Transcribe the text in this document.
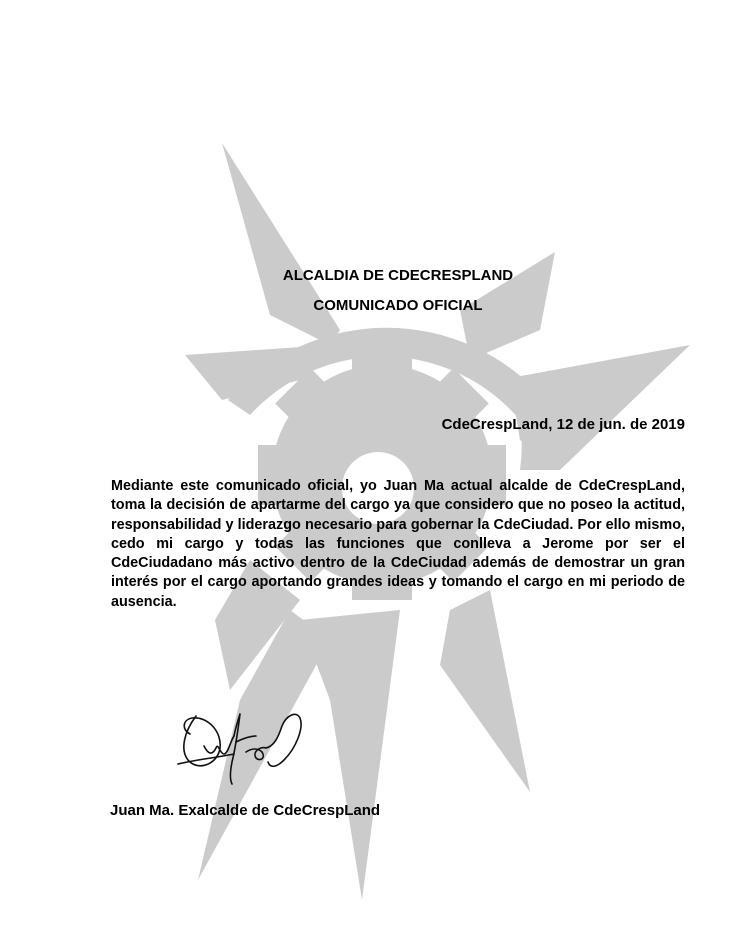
ALCALDIA DE CDECRESPLAND
COMUNICADO OFICIAL
CdeCrespLand, 12 de jun. de 2019

Mediante este comunicado oficial, yo Juan Ma actual alcalde de CdeCrespLand, toma la decisión de apartarme del cargo ya que considero que no poseo la actitud, responsabilidad y liderazgo necesario para gobernar la CdeCiudad. Por ello mismo, cedo mi cargo y todas las funciones que conlleva a Jerome por ser el CdeCiudadano más activo dentro de la CdeCiudad además de demostrar un gran interés por el cargo aportando grandes ideas y tomando el cargo en mi periodo de ausencia.

Juan Ma. Exalcalde de CdeCrespLand
